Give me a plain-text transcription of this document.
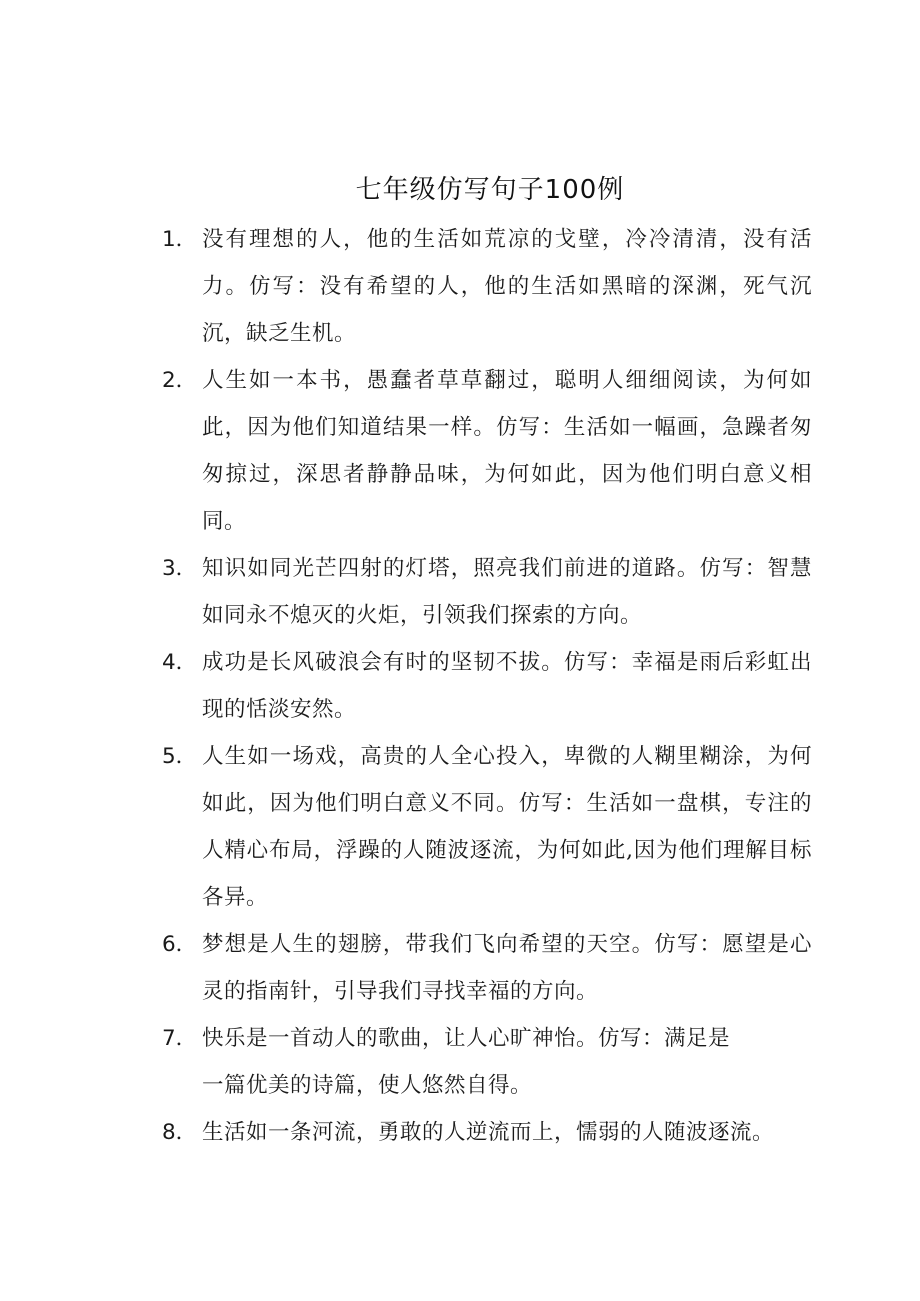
七年级仿写句子100例
1． 没有理想的人，他的生活如荒凉的戈壁，冷冷清清，没有活力。仿写：没有希望的人，他的生活如黑暗的深渊，死气沉沉，缺乏生机。
2． 人生如一本书，愚蠢者草草翻过，聪明人细细阅读，为何如此，因为他们知道结果一样。仿写：生活如一幅画，急躁者匆匆掠过，深思者静静品味，为何如此，因为他们明白意义相同。
3． 知识如同光芒四射的灯塔，照亮我们前进的道路。仿写：智慧如同永不熄灭的火炬，引领我们探索的方向。
4． 成功是长风破浪会有时的坚韧不拔。仿写：幸福是雨后彩虹出现的恬淡安然。
5． 人生如一场戏，高贵的人全心投入，卑微的人糊里糊涂，为何如此，因为他们明白意义不同。仿写：生活如一盘棋，专注的人精心布局，浮躁的人随波逐流，为何如此,因为他们理解目标各异。
6． 梦想是人生的翅膀，带我们飞向希望的天空。仿写：愿望是心灵的指南针，引导我们寻找幸福的方向。
7． 快乐是一首动人的歌曲，让人心旷神怡。仿写：满足是
一篇优美的诗篇，使人悠然自得。
8． 生活如一条河流，勇敢的人逆流而上，懦弱的人随波逐流。
